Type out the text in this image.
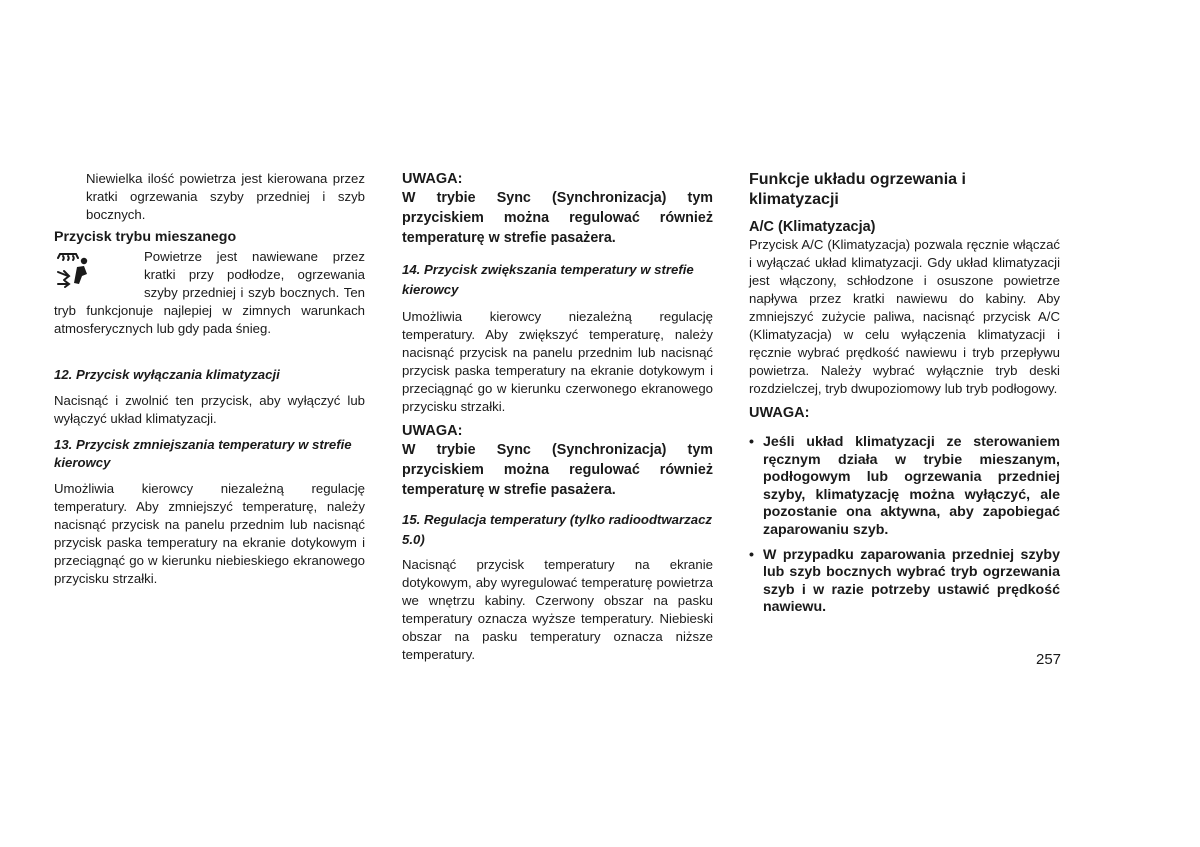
Niewielka ilość powietrza jest kierowana przez kratki ogrzewania szyby przedniej i szyb bocznych.

Przycisk trybu mieszanego

Powietrze jest nawiewane przez kratki przy podłodze, ogrzewania szyby przedniej i szyb bocznych. Ten tryb funkcjonuje najlepiej w zimnych warunkach atmosferycznych lub gdy pada śnieg.

12. Przycisk wyłączania klimatyzacji

Nacisnąć i zwolnić ten przycisk, aby wyłączyć lub wyłączyć układ klimatyzacji.

13. Przycisk zmniejszania temperatury w strefie kierowcy

Umożliwia kierowcy niezależną regulację temperatury. Aby zmniejszyć temperaturę, należy nacisnąć przycisk na panelu przednim lub nacisnąć przycisk paska temperatury na ekranie dotykowym i przeciągnąć go w kierunku niebieskiego ekranowego przycisku strzałki.

UWAGA:

W trybie Sync (Synchronizacja) tym przyciskiem można regulować również temperaturę w strefie pasażera.

14. Przycisk zwiększania temperatury w strefie kierowcy

Umożliwia kierowcy niezależną regulację temperatury. Aby zwiększyć temperaturę, należy nacisnąć przycisk na panelu przednim lub nacisnąć przycisk paska temperatury na ekranie dotykowym i przeciągnąć go w kierunku czerwonego ekranowego przycisku strzałki.

UWAGA:

W trybie Sync (Synchronizacja) tym przyciskiem można regulować również temperaturę w strefie pasażera.

15. Regulacja temperatury (tylko radioodtwarzacz 5.0)

Nacisnąć przycisk temperatury na ekranie dotykowym, aby wyregulować temperaturę powietrza we wnętrzu kabiny. Czerwony obszar na pasku temperatury oznacza wyższe temperatury. Niebieski obszar na pasku temperatury oznacza niższe temperatury.

Funkcje układu ogrzewania i klimatyzacji

A/C (Klimatyzacja)

Przycisk A/C (Klimatyzacja) pozwala ręcznie włączać i wyłączać układ klimatyzacji. Gdy układ klimatyzacji jest włączony, schłodzone i osuszone powietrze napływa przez kratki nawiewu do kabiny. Aby zmniejszyć zużycie paliwa, nacisnąć przycisk A/C (Klimatyzacja) w celu wyłączenia klimatyzacji i ręcznie wybrać prędkość nawiewu i tryb przepływu powietrza. Należy wybrać wyłącznie tryb deski rozdzielczej, tryb dwupoziomowy lub tryb podłogowy.

UWAGA:

• Jeśli układ klimatyzacji ze sterowaniem ręcznym działa w trybie mieszanym, podłogowym lub ogrzewania przedniej szyby, klimatyzację można wyłączyć, ale pozostanie ona aktywna, aby zapobiegać zaparowaniu szyb.
• W przypadku zaparowania przedniej szyby lub szyb bocznych wybrać tryb ogrzewania szyb i w razie potrzeby ustawić prędkość nawiewu.
257
